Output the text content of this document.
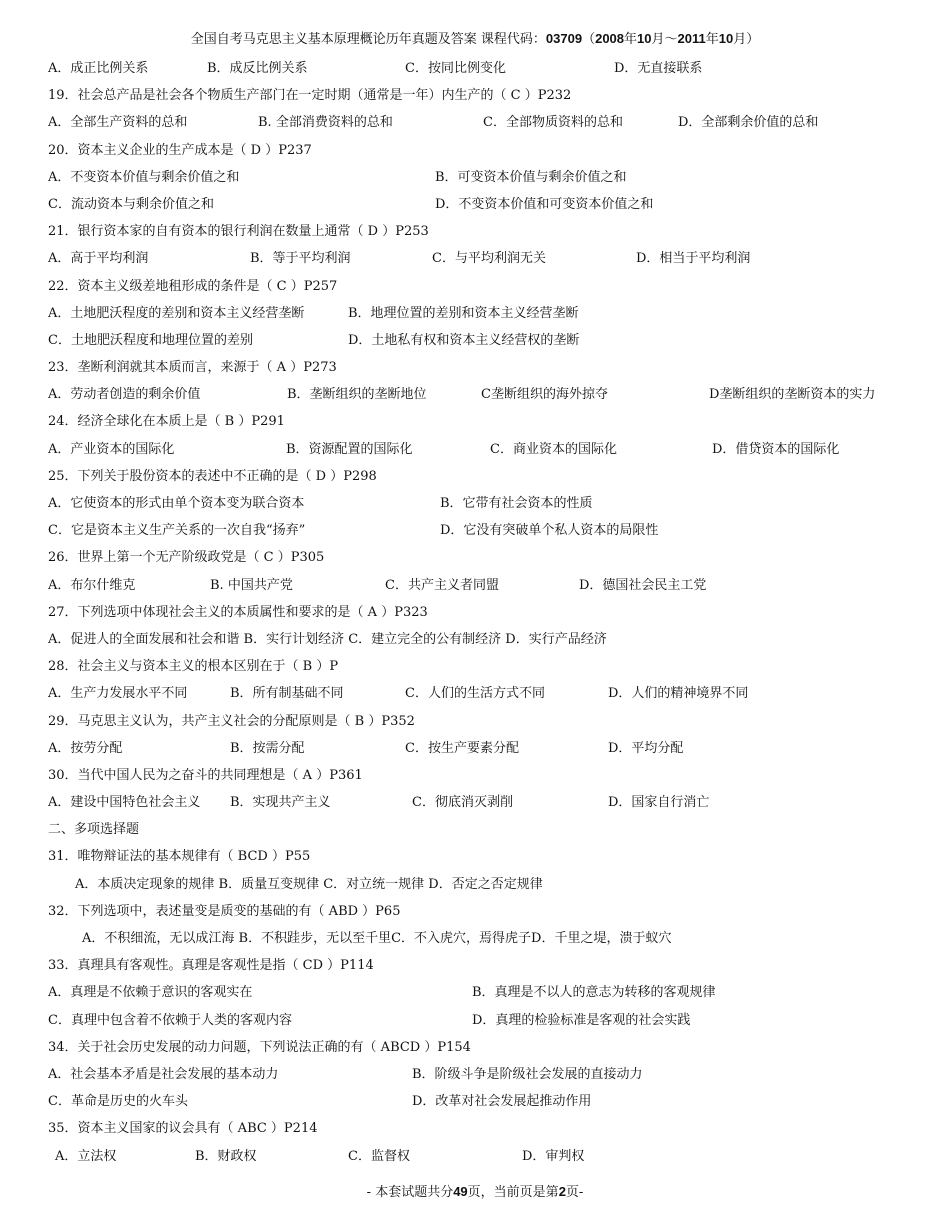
全国自考马克思主义基本原理概论历年真题及答案 课程代码：03709（2008年10月～2011年10月）
A．成正比例关系	B．成反比例关系	C．按同比例变化	D．无直接联系
19．社会总产品是社会各个物质生产部门在一定时期（通常是一年）内生产的（ C ）P232
A．全部生产资料的总和	B. 全部消费资料的总和	C．全部物质资料的总和	D．全部剩余价值的总和
20．资本主义企业的生产成本是（ D ）P237
A．不变资本价值与剩余价值之和	B．可变资本价值与剩余价值之和
C．流动资本与剩余价值之和	D．不变资本价值和可变资本价值之和
21．银行资本家的自有资本的银行利润在数量上通常（ D ）P253
A．高于平均利润	B．等于平均利润	C．与平均利润无关	D．相当于平均利润
22．资本主义级差地租形成的条件是（ C ）P257
A．土地肥沃程度的差别和资本主义经营垄断	B．地理位置的差别和资本主义经营垄断
C．土地肥沃程度和地理位置的差别	D．土地私有权和资本主义经营权的垄断
23．垄断利润就其本质而言，来源于（ A ）P273
A．劳动者创造的剩余价值	B．垄断组织的垄断地位	C垄断组织的海外掠夺	D垄断组织的垄断资本的实力
24．经济全球化在本质上是（ B ）P291
A．产业资本的国际化	B．资源配置的国际化	C．商业资本的国际化	D．借贷资本的国际化
25．下列关于股份资本的表述中不正确的是（ D ）P298
A．它使资本的形式由单个资本变为联合资本	B．它带有社会资本的性质
C．它是资本主义生产关系的一次自我“扬弃”	D．它没有突破单个私人资本的局限性
26．世界上第一个无产阶级政党是（ C ）P305
A．布尔什维克	B. 中国共产党	C．共产主义者同盟	D．德国社会民主工党
27．下列选项中体现社会主义的本质属性和要求的是（ A ）P323
A．促进人的全面发展和社会和谐 B．实行计划经济 C．建立完全的公有制经济 D．实行产品经济
28．社会主义与资本主义的根本区别在于（ B ）P
A．生产力发展水平不同	B．所有制基础不同	C．人们的生活方式不同	D．人们的精神境界不同
29．马克思主义认为，共产主义社会的分配原则是（ B ）P352
A．按劳分配	B．按需分配	C．按生产要素分配	D．平均分配
30．当代中国人民为之奋斗的共同理想是（ A ）P361
A．建设中国特色社会主义 B．实现共产主义	C．彻底消灭剥削	D．国家自行消亡
二、多项选择题
31．唯物辩证法的基本规律有（ BCD ）P55
A．本质决定现象的规律 B．质量互变规律 C．对立统一规律 D．否定之否定规律
32．下列选项中，表述量变是质变的基础的有（ ABD ）P65
A．不积细流，无以成江海 B．不积跬步，无以至千里C．不入虎穴，焉得虎子D．千里之堤，溃于蚁穴
33．真理具有客观性。真理是客观性是指（ CD ）P114
A．真理是不依赖于意识的客观实在	B．真理是不以人的意志为转移的客观规律
C．真理中包含着不依赖于人类的客观内容	D．真理的检验标准是客观的社会实践
34．关于社会历史发展的动力问题，下列说法正确的有（ ABCD ）P154
A．社会基本矛盾是社会发展的基本动力	B．阶级斗争是阶级社会发展的直接动力
C．革命是历史的火车头	D．改革对社会发展起推动作用
35．资本主义国家的议会具有（ ABC ）P214
A．立法权	B．财政权	C．监督权	D．审判权
- 本套试题共分49页，当前页是第2页-
